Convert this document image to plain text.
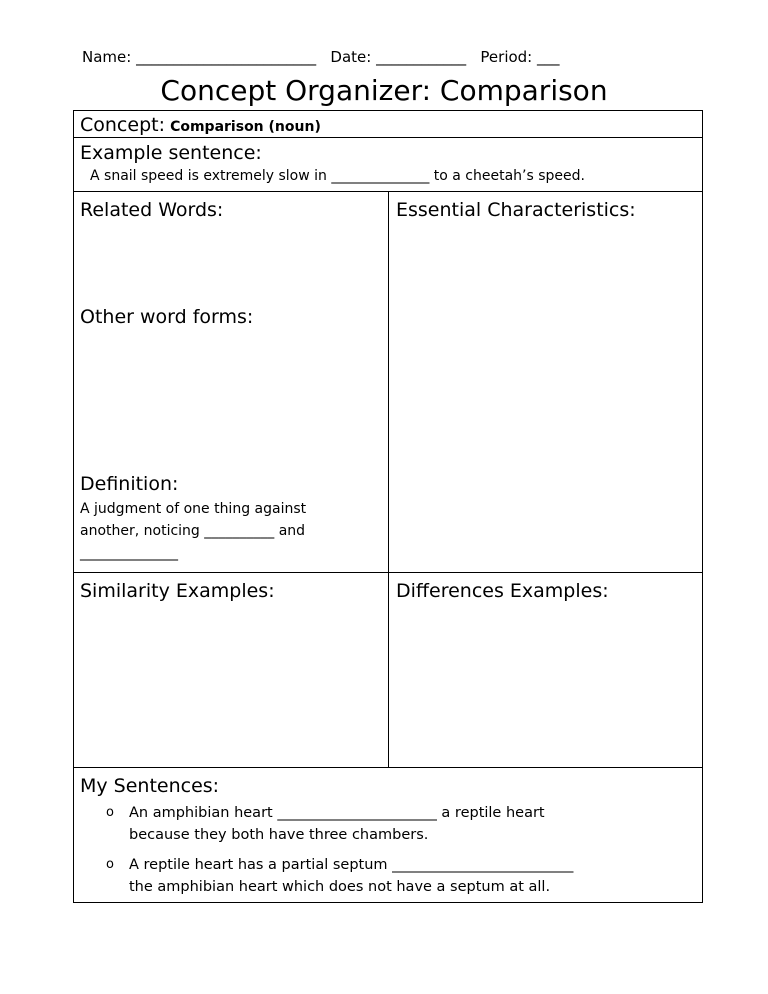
Name: ________________________ Date: ____________ Period: ___
Concept Organizer: Comparison
Concept: Comparison (noun)
Example sentence:
A snail speed is extremely slow in ______________ to a cheetah’s speed.
Related Words:
Other word forms:
Definition:
A judgment of one thing against
another, noticing __________ and
______________
Essential Characteristics:
Similarity Examples:	Differences Examples:
My Sentences:
o An amphibian heart ______________________ a reptile heart
because they both have three chambers.
o A reptile heart has a partial septum _________________________
the amphibian heart which does not have a septum at all.
